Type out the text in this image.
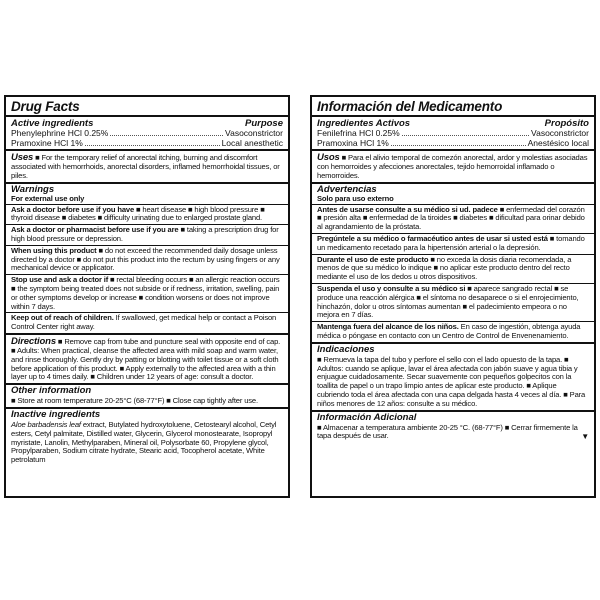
Drug Facts
Active ingredients	Purpose
Phenylephrine HCl 0.25%	Vasoconstrictor
Pramoxine HCl 1%	Local anesthetic
Uses ■ For the temporary relief of anorectal itching, burning and discomfort associated with hemorrhoids, anorectal disorders, inflamed hemorrhoidal tissues, or piles.
Warnings
For external use only
Ask a doctor before use if you have ■ heart disease ■ high blood pressure ■ thyroid disease ■ diabetes ■ difficulty urinating due to enlarged prostate gland.
Ask a doctor or pharmacist before use if you are ■ taking a prescription drug for high blood pressure or depression.
When using this product ■ do not exceed the recommended daily dosage unless directed by a doctor ■ do not put this product into the rectum by using fingers or any mechanical device or applicator.
Stop use and ask a doctor if ■ rectal bleeding occurs ■ an allergic reaction occurs ■ the symptom being treated does not subside or if redness, irritation, swelling, pain or other symptoms develop or increase ■ condition worsens or does not improve within 7 days.
Keep out of reach of children. If swallowed, get medical help or contact a Poison Control Center right away.
Directions ■ Remove cap from tube and puncture seal with opposite end of cap. ■ Adults: When practical, cleanse the affected area with mild soap and warm water, and rinse thoroughly. Gently dry by patting or blotting with toilet tissue or a soft cloth before application of this product. ■ Apply externally to the affected area with a thin layer up to 4 times daily. ■ Children under 12 years of age: consult a doctor.
Other information
■ Store at room temperature 20-25°C (68-77°F) ■ Close cap tightly after use.
Inactive ingredients
Aloe barbadensis leaf extract, Butylated hydroxytoluene, Cetostearyl alcohol, Cetyl esters, Cetyl palmitate, Distilled water, Glycerin, Glycerol monostearate, Isopropyl myristate, Lanolin, Methylparaben, Mineral oil, Polysorbate 60, Propylene glycol, Propylparaben, Sodium citrate hydrate, Stearic acid, Tocopherol acetate, White petrolatum
Información del Medicamento
Ingredientes Activos	Propósito
Fenilefrina HCl 0.25%	Vasoconstrictor
Pramoxina HCl 1%	Anestésico local
Usos ■ Para el alivio temporal de comezón anorectal, ardor y molestias asociadas con hemorroides y afecciones anorectales, tejido hemorroidal inflamado o hemorroides.
Advertencias
Solo para uso externo
Antes de usarse consulte a su médico si ud. padece ■ enfermedad del corazón ■ presión alta ■ enfermedad de la tiroides ■ diabetes ■ dificultad para orinar debido al agrandamiento de la próstata.
Pregúntele a su médico o farmacéutico antes de usar si usted está ■ tomando un medicamento recetado para la hipertensión arterial o la depresión.
Durante el uso de este producto ■ no exceda la dosis diaria recomendada, a menos de que su médico lo indique ■ no aplicar este producto dentro del recto mediante el uso de los dedos u otros dispositivos.
Suspenda el uso y consulte a su médico si ■ aparece sangrado rectal ■ se produce una reacción alérgica ■ el síntoma no desaparece o si el enrojecimiento, hinchazón, dolor u otros síntomas aumentan ■ el padecimiento empeora o no mejora en 7 días.
Mantenga fuera del alcance de los niños. En caso de ingestión, obtenga ayuda médica o póngase en contacto con un Centro de Control de Envenenamiento.
Indicaciones
■ Remueva la tapa del tubo y perfore el sello con el lado opuesto de la tapa. ■ Adultos: cuando se aplique, lavar el área afectada con jabón suave y agua tibia y enjuague cuidadosamente. Secar suavemente con pequeños golpecitos con la toallita de papel o un trapo limpio antes de aplicar este producto. ■ Aplique cubriendo toda el área afectada con una capa delgada hasta 4 veces al día. ■ Para niños menores de 12 años: consulte a su médico.
Información Adicional
■ Almacenar a temperatura ambiente 20-25 °C. (68-77°F) ■ Cerrar firmemente la tapa después de usar.	▼
